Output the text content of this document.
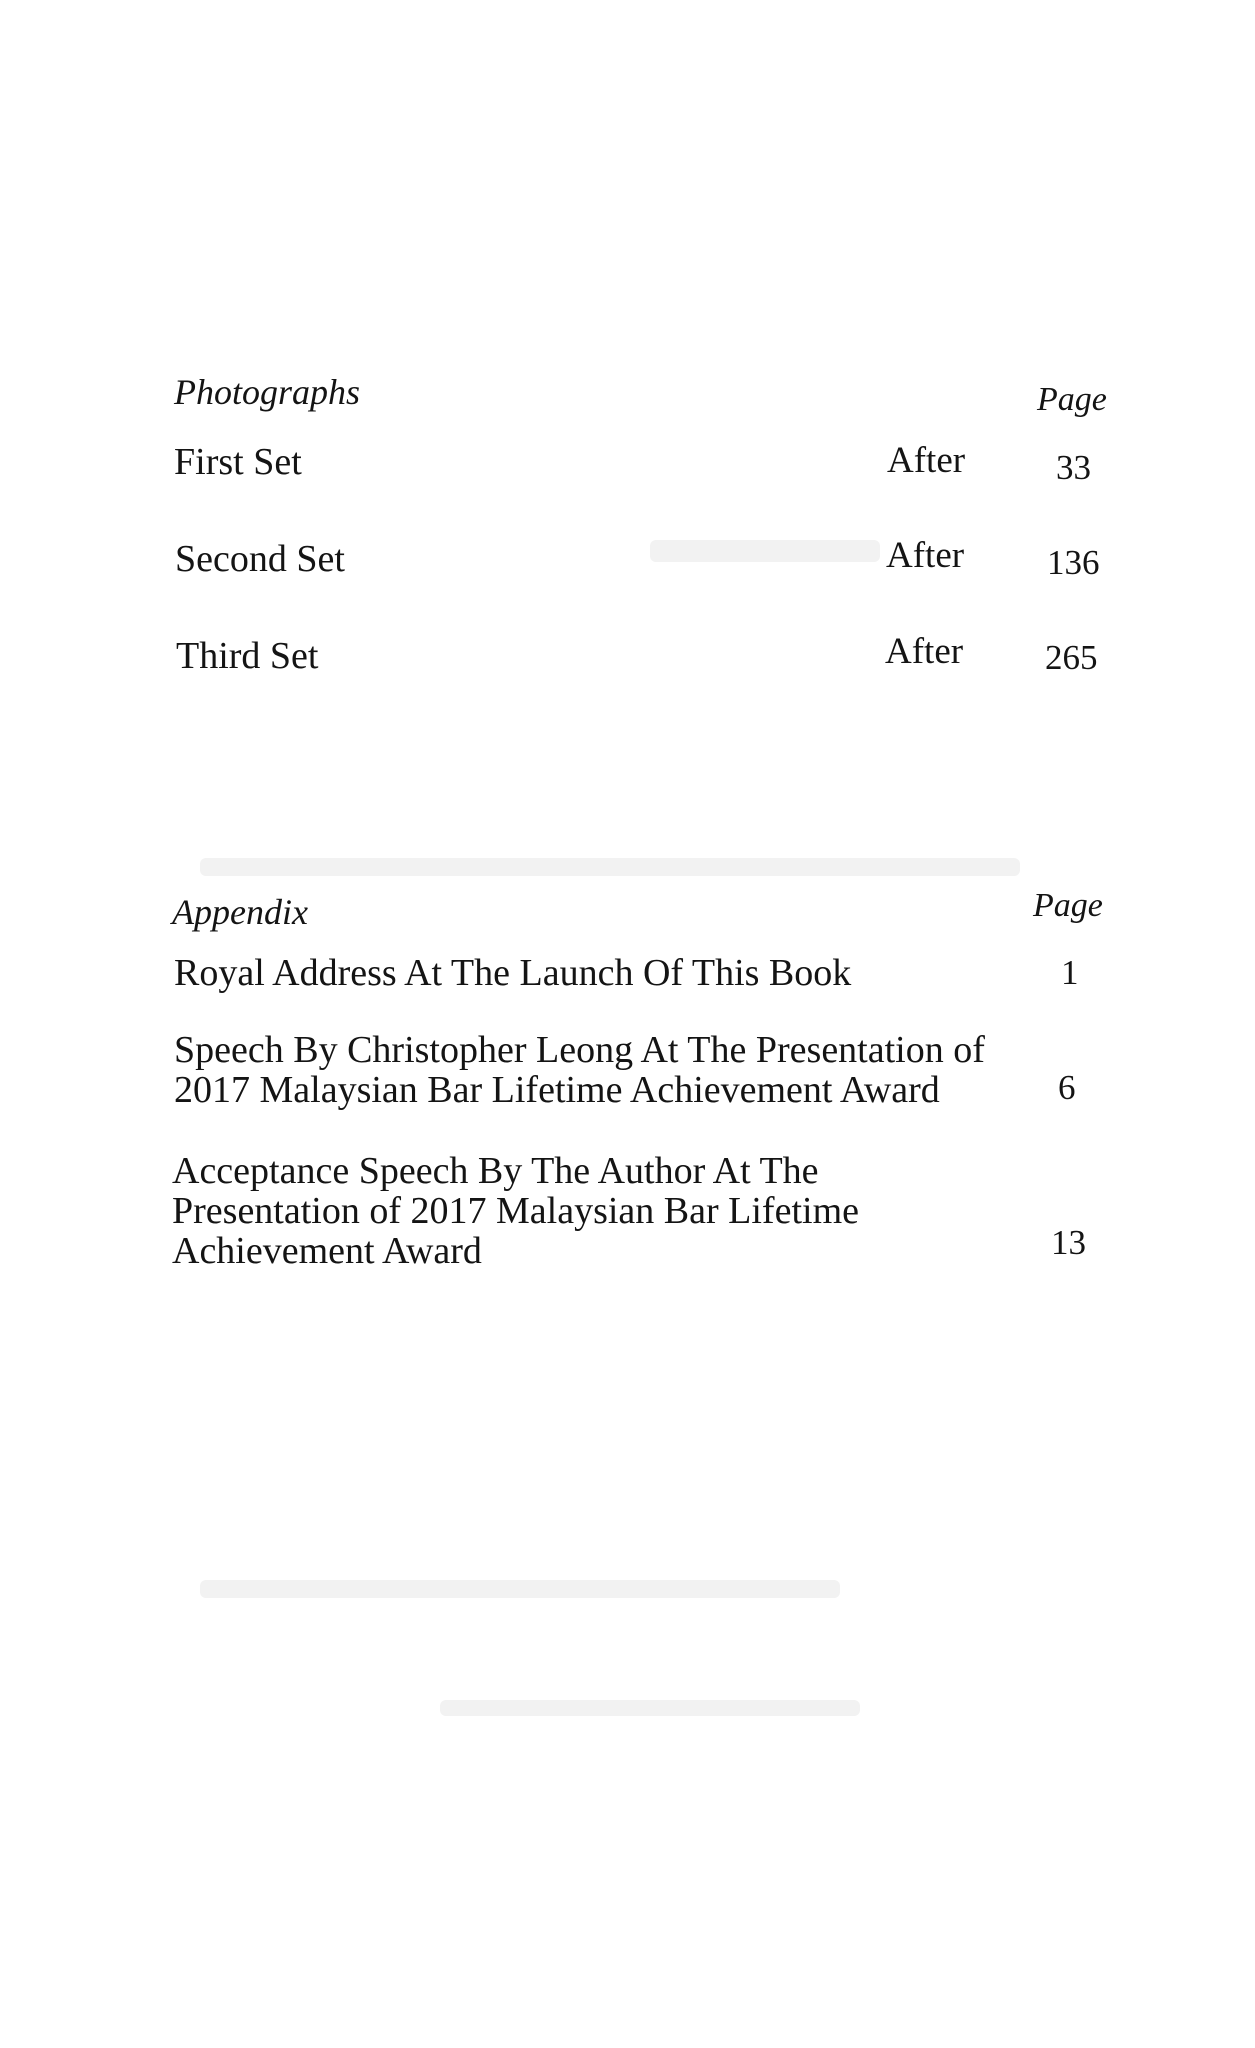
Photographs	Page
First Set	After	33
Second Set	After 136
Third Set	After 265
Appendix	Page
Royal Address At The Launch Of This Book	1
Speech By Christopher Leong At The Presentation of
2017 Malaysian Bar Lifetime Achievement Award	6
Acceptance Speech By The Author At The
Presentation of 2017 Malaysian Bar Lifetime
Achievement Award	13
